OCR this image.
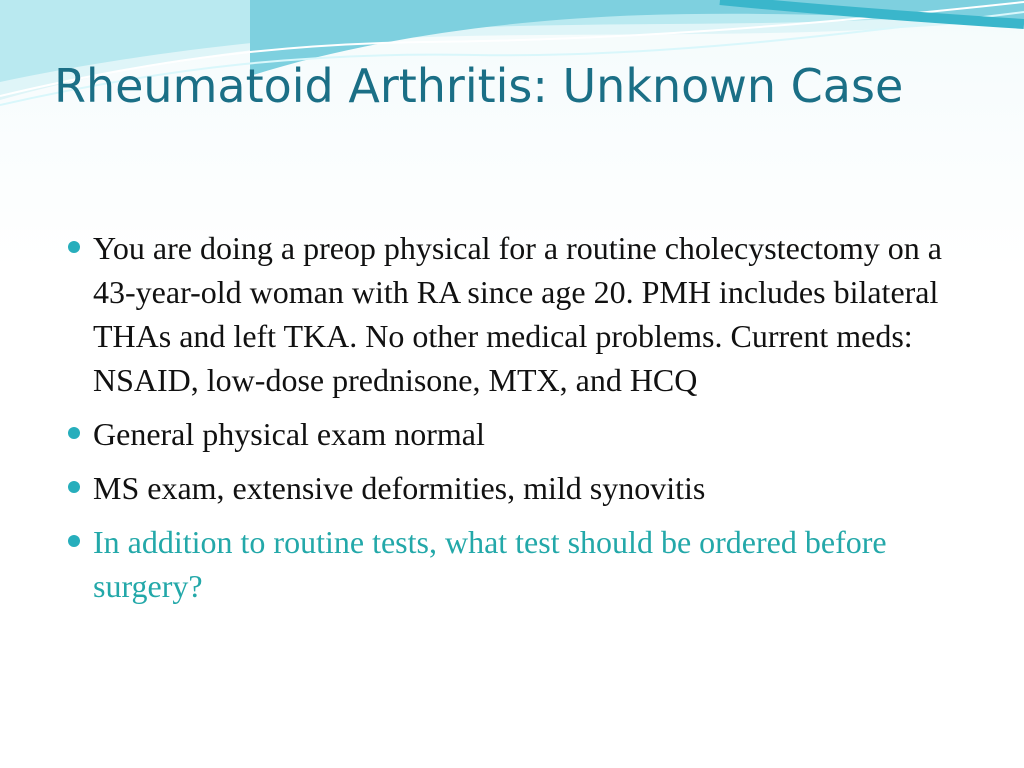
Rheumatoid Arthritis: Unknown Case
You are doing a preop physical for a routine cholecystectomy on a 43-year-old woman with RA since age 20. PMH includes bilateral THAs and left TKA. No other medical problems. Current meds: NSAID, low-dose prednisone, MTX, and HCQ
General physical exam normal
MS exam, extensive deformities, mild synovitis
In addition to routine tests, what test should be ordered before surgery?
